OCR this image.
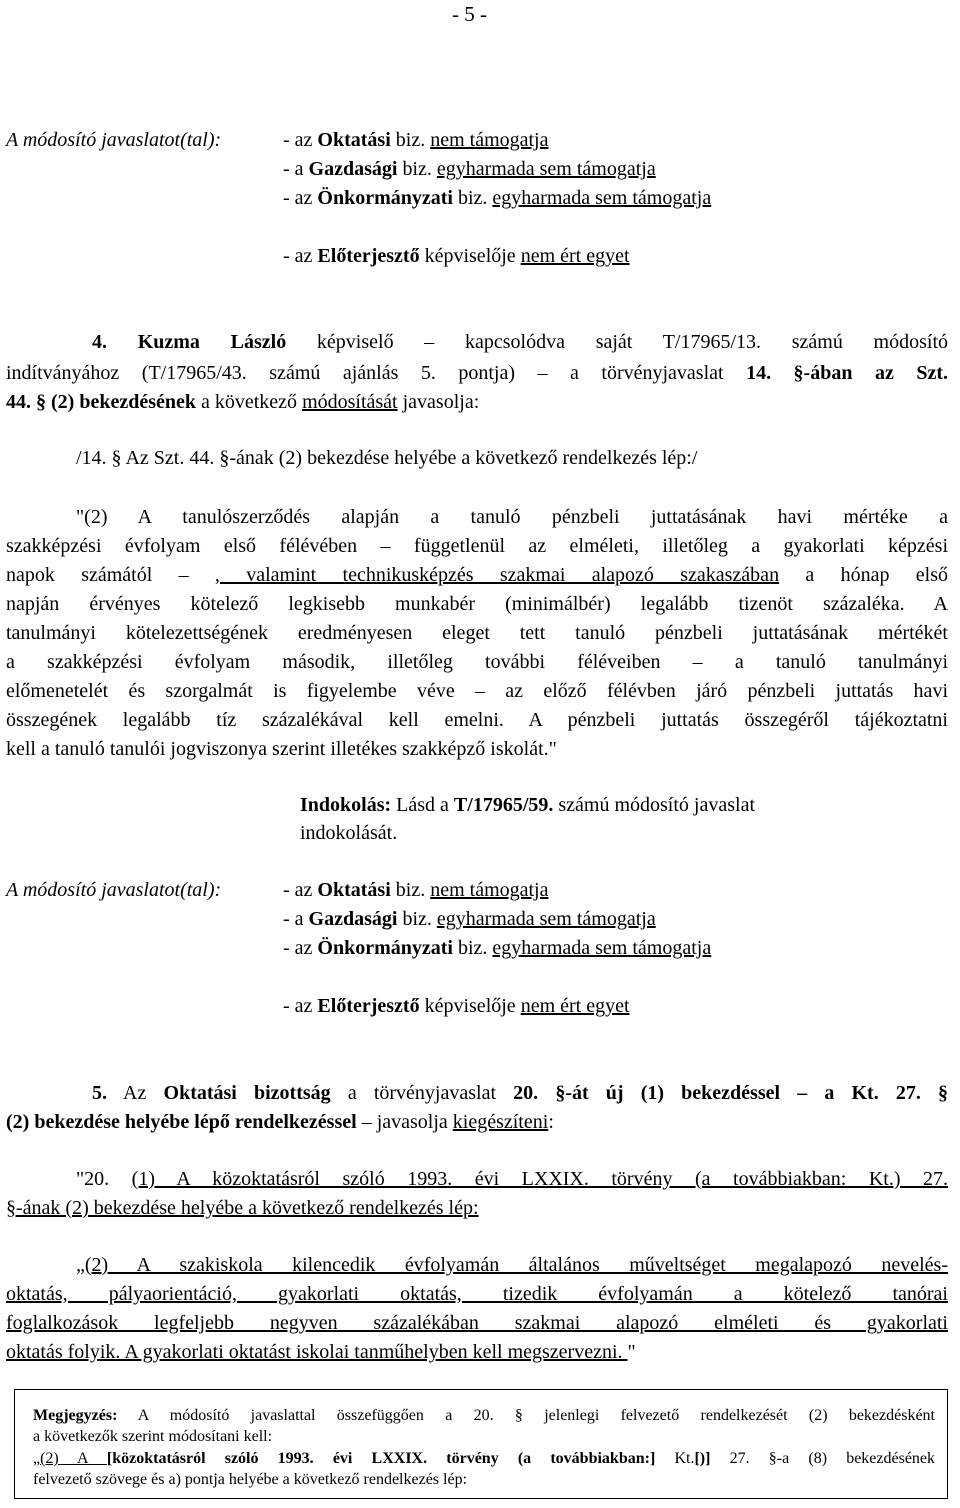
- 5 -
A módosító javaslatot(tal):	- az Oktatási biz. nem támogatja
- a Gazdasági biz. egyharmada sem támogatja
- az Önkormányzati biz. egyharmada sem támogatja
- az Előterjesztő képviselője nem ért egyet
4. Kuzma László képviselő – kapcsolódva saját T/17965/13. számú módosító
indítványához (T/17965/43. számú ajánlás 5. pontja) – a törvényjavaslat 14. §-ában az Szt.
44. § (2) bekezdésének a következő módosítását javasolja:
/14. § Az Szt. 44. §-ának (2) bekezdése helyébe a következő rendelkezés lép:/
"(2) A tanulószerződés alapján a tanuló pénzbeli juttatásának havi mértéke a
szakképzési évfolyam első félévében – függetlenül az elméleti, illetőleg a gyakorlati képzési
napok számától – , valamint technikusképzés szakmai alapozó szakaszában a hónap első
napján érvényes kötelező legkisebb munkabér (minimálbér) legalább tizenöt százaléka. A
tanulmányi kötelezettségének eredményesen eleget tett tanuló pénzbeli juttatásának mértékét
a szakképzési évfolyam második, illetőleg további féléveiben – a tanuló tanulmányi
előmenetelét és szorgalmát is figyelembe véve – az előző félévben járó pénzbeli juttatás havi
összegének legalább tíz százalékával kell emelni. A pénzbeli juttatás összegéről tájékoztatni
kell a tanuló tanulói jogviszonya szerint illetékes szakképző iskolát."
Indokolás: Lásd a T/17965/59. számú módosító javaslat
indokolását.
A módosító javaslatot(tal):	- az Oktatási biz. nem támogatja
- a Gazdasági biz. egyharmada sem támogatja
- az Önkormányzati biz. egyharmada sem támogatja
- az Előterjesztő képviselője nem ért egyet
5. Az Oktatási bizottság a törvényjavaslat 20. §-át új (1) bekezdéssel – a Kt. 27. §
(2) bekezdése helyébe lépő rendelkezéssel – javasolja kiegészíteni:
"20. (1) A közoktatásról szóló 1993. évi LXXIX. törvény (a továbbiakban: Kt.) 27.
§-ának (2) bekezdése helyébe a következő rendelkezés lép:
„(2) A szakiskola kilencedik évfolyamán általános műveltséget megalapozó nevelés-
oktatás, pályaorientáció, gyakorlati oktatás, tizedik évfolyamán a kötelező tanórai
foglalkozások legfeljebb negyven százalékában szakmai alapozó elméleti és gyakorlati
oktatás folyik. A gyakorlati oktatást iskolai tanműhelyben kell megszervezni. "
Megjegyzés: A módosító javaslattal összefüggően a 20. § jelenlegi felvezető rendelkezését (2) bekezdésként
a következők szerint módosítani kell:
„(2) A [közoktatásról szóló 1993. évi LXXIX. törvény (a továbbiakban:] Kt.[)] 27. §-a (8) bekezdésének
felvezető szövege és a) pontja helyébe a következő rendelkezés lép:
